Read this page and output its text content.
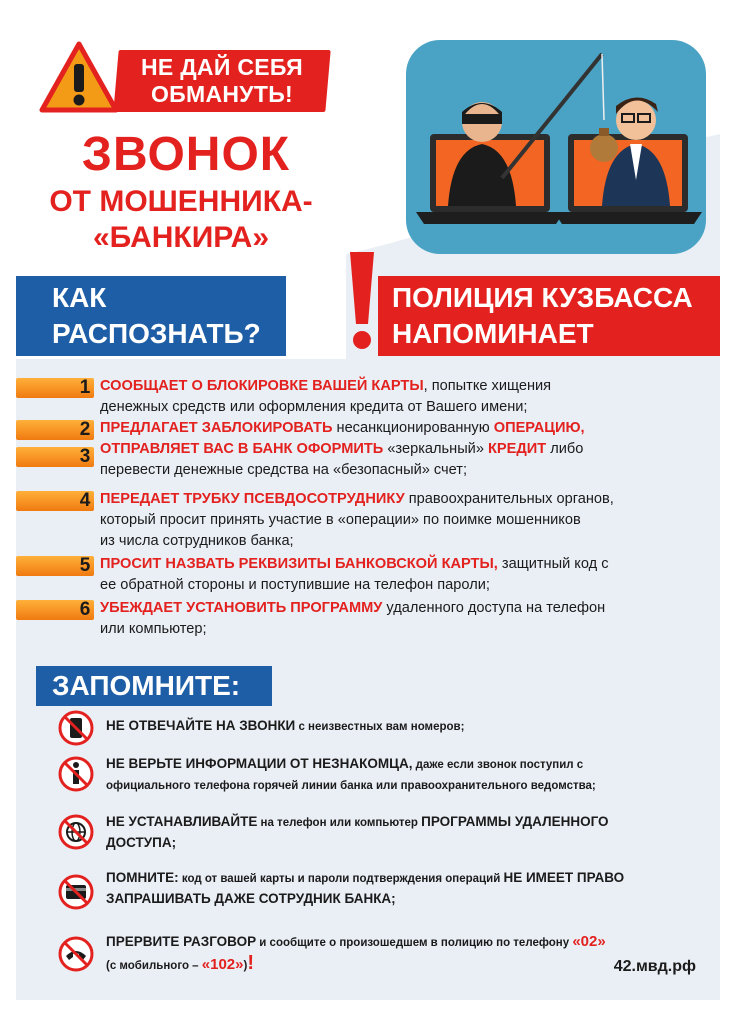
НЕ ДАЙ СЕБЯ
ОБМАНУТЬ!
ЗВОНОК
ОТ МОШЕННИКА-
«БАНКИРА»
КАК
РАСПОЗНАТЬ?
ПОЛИЦИЯ КУЗБАССА
НАПОМИНАЕТ
1 СООБЩАЕТ О БЛОКИРОВКЕ ВАШЕЙ КАРТЫ, попытке хищения
денежных средств или оформления кредита от Вашего имени;
2 ПРЕДЛАГАЕТ ЗАБЛОКИРОВАТЬ несанкционированную ОПЕРАЦИЮ,
3 ОТПРАВЛЯЕТ ВАС В БАНК ОФОРМИТЬ «зеркальный» КРЕДИТ либо
перевести денежные средства на «безопасный» счет;
4 ПЕРЕДАЕТ ТРУБКУ ПСЕВДОСОТРУДНИКУ правоохранительных органов,
который просит принять участие в «операции» по поимке мошенников
из числа сотрудников банка;
5 ПРОСИТ НАЗВАТЬ РЕКВИЗИТЫ БАНКОВСКОЙ КАРТЫ, защитный код с
ее обратной стороны и поступившие на телефон пароли;
6 УБЕЖДАЕТ УСТАНОВИТЬ ПРОГРАММУ удаленного доступа на телефон
или компьютер;
ЗАПОМНИТЕ:
НЕ ОТВЕЧАЙТЕ НА ЗВОНКИ с неизвестных вам номеров;
НЕ ВЕРЬТЕ ИНФОРМАЦИИ ОТ НЕЗНАКОМЦА, даже если звонок поступил с
официального телефона горячей линии банка или правоохранительного ведомства;
НЕ УСТАНАВЛИВАЙТЕ на телефон или компьютер ПРОГРАММЫ УДАЛЕННОГО
ДОСТУПА;
ПОМНИТЕ: код от вашей карты и пароли подтверждения операций НЕ ИМЕЕТ ПРАВО
ЗАПРАШИВАТЬ ДАЖЕ СОТРУДНИК БАНКА;
ПРЕРВИТЕ РАЗГОВОР и сообщите о произошедшем в полицию по телефону «02»
(с мобильного – «102»)!	42.мвд.рф
